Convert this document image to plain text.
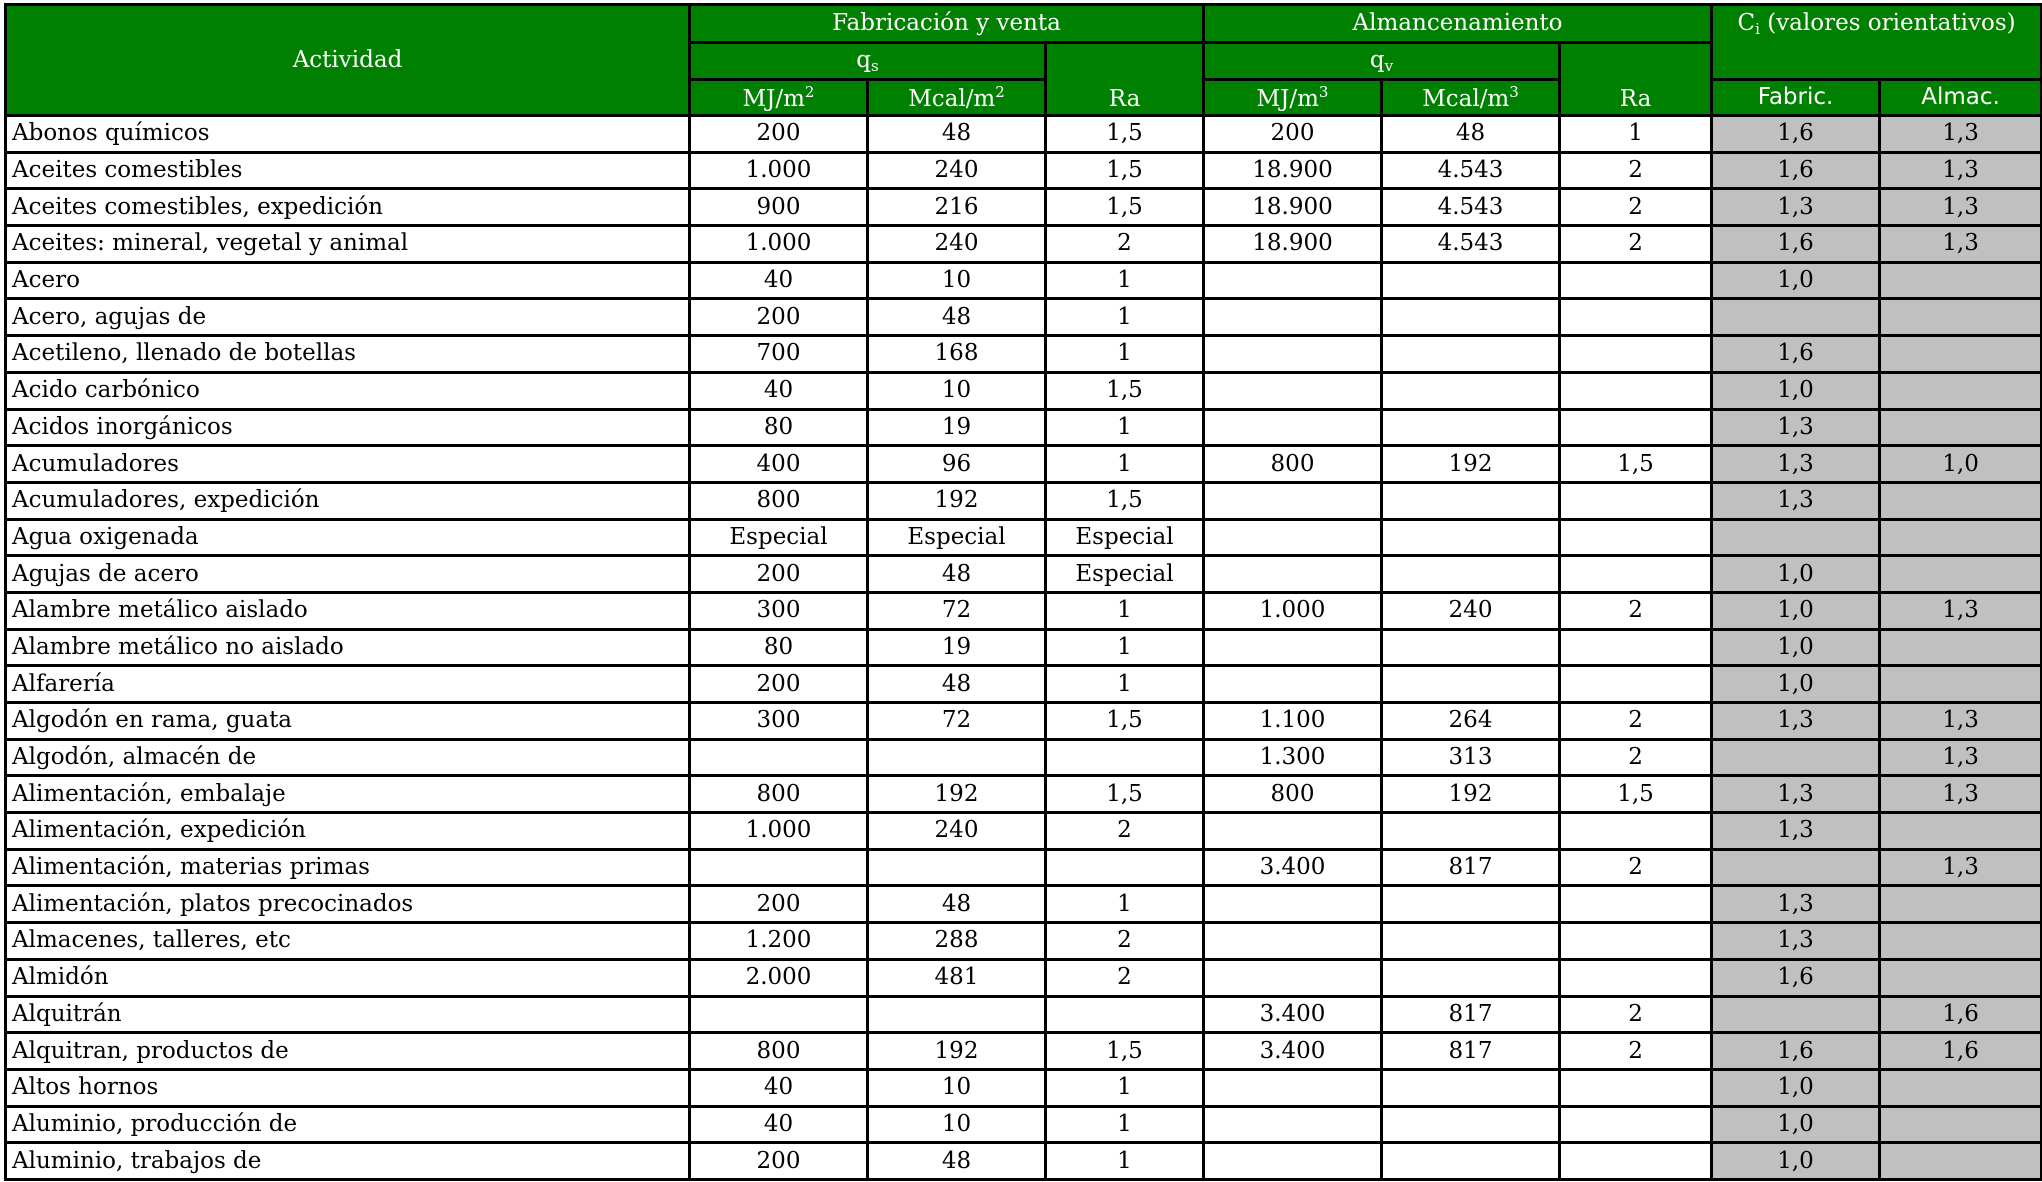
Actividad	Fabricación y venta			Almancenamiento			$C_i$ (valores orientativos)	
	$q_s$		Ra	$q_v$		Ra		
	$MJ/m^2$	Mcal/$m^2$		$MJ/m^3$	Mcal/$m^3$		Fabric.	Almac.
Abonos químicos	200	48	1,5	200	48	1	1,6	1,3
Aceites comestibles	1.000	240	1,5	18.900	4.543	2	1,6	1,3
Aceites comestibles, expedición	900	216	1,5	18.900	4.543	2	1,3	1,3
Aceites: mineral, vegetal y animal	1.000	240	2	18.900	4.543	2	1,6	1,3
Acero	40	10	1				1,0	
Acero, agujas de	200	48	1					
Acetileno, llenado de botellas	700	168	1				1,6	
Acido carbónico	40	10	1,5				1,0	
Acidos inorgánicos	80	19	1				1,3	
Acumuladores	400	96	1	800	192	1,5	1,3	1,0
Acumuladores, expedición	800	192	1,5				1,3	
Agua oxigenada	Especial	Especial	Especial					
Agujas de acero	200	48	Especial				1,0	
Alambre metálico aislado	300	72	1	1.000	240	2	1,0	1,3
Alambre metálico no aislado	80	19	1				1,0	
Alfarería	200	48	1				1,0	
Algodón en rama, guata	300	72	1,5	1.100	264	2	1,3	1,3
Algodón, almacén de				1.300	313	2		1,3
Alimentación, embalaje	800	192	1,5	800	192	1,5	1,3	1,3
Alimentación, expedición	1.000	240	2				1,3	
Alimentación, materias primas				3.400	817	2		1,3
Alimentación, platos precocinados	200	48	1				1,3	
Almacenes, talleres, etc	1.200	288	2				1,3	
Almidón	2.000	481	2				1,6	
Alquitrán				3.400	817	2		1,6
Alquitran, productos de	800	192	1,5	3.400	817	2	1,6	1,6
Altos hornos	40	10	1				1,0	
Aluminio, producción de	40	10	1				1,0	
Aluminio, trabajos de	200	48	1				1,0	
